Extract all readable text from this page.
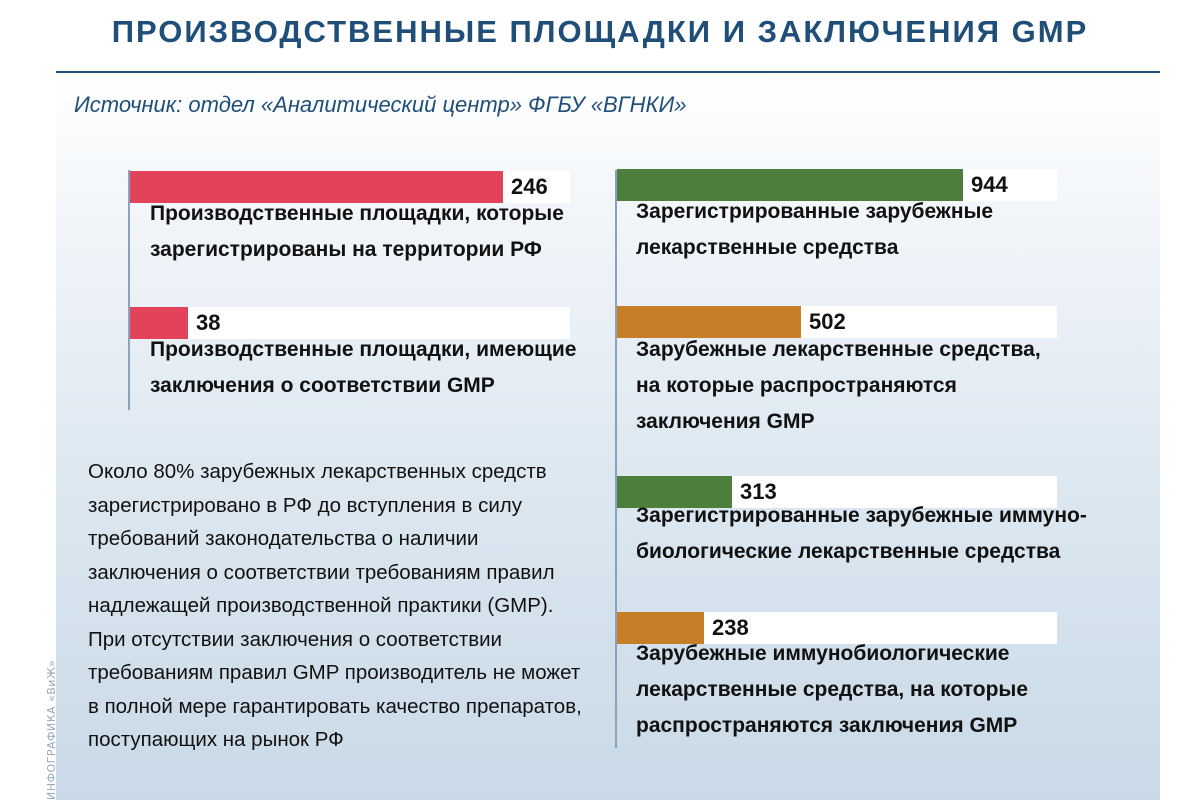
ПРОИЗВОДСТВЕННЫЕ ПЛОЩАДКИ И ЗАКЛЮЧЕНИЯ GMP
Источник: отдел «Аналитический центр» ФГБУ «ВГНКИ»
246
Производственные площадки, которые
зарегистрированы на территории РФ
38
Производственные площадки, имеющие
заключения о соответствии GMP
944
Зарегистрированные зарубежные
лекарственные средства
502
Зарубежные лекарственные средства,
на которые распространяются
заключения GMP
313
Зарегистрированные зарубежные иммуно-
биологические лекарственные средства
238
Зарубежные иммунобиологические
лекарственные средства, на которые
распространяются заключения GMP
Около 80% зарубежных лекарственных средств зарегистрировано в РФ до вступления в силу требований законодательства о наличии заключения о соответствии требованиям правил надлежащей производственной практики (GMP). При отсутствии заключения о соответствии требованиям правил GMP производитель не может в полной мере гарантировать качество препаратов, поступающих на рынок РФ
ИНФОГРАФИКА «ВиЖ»
